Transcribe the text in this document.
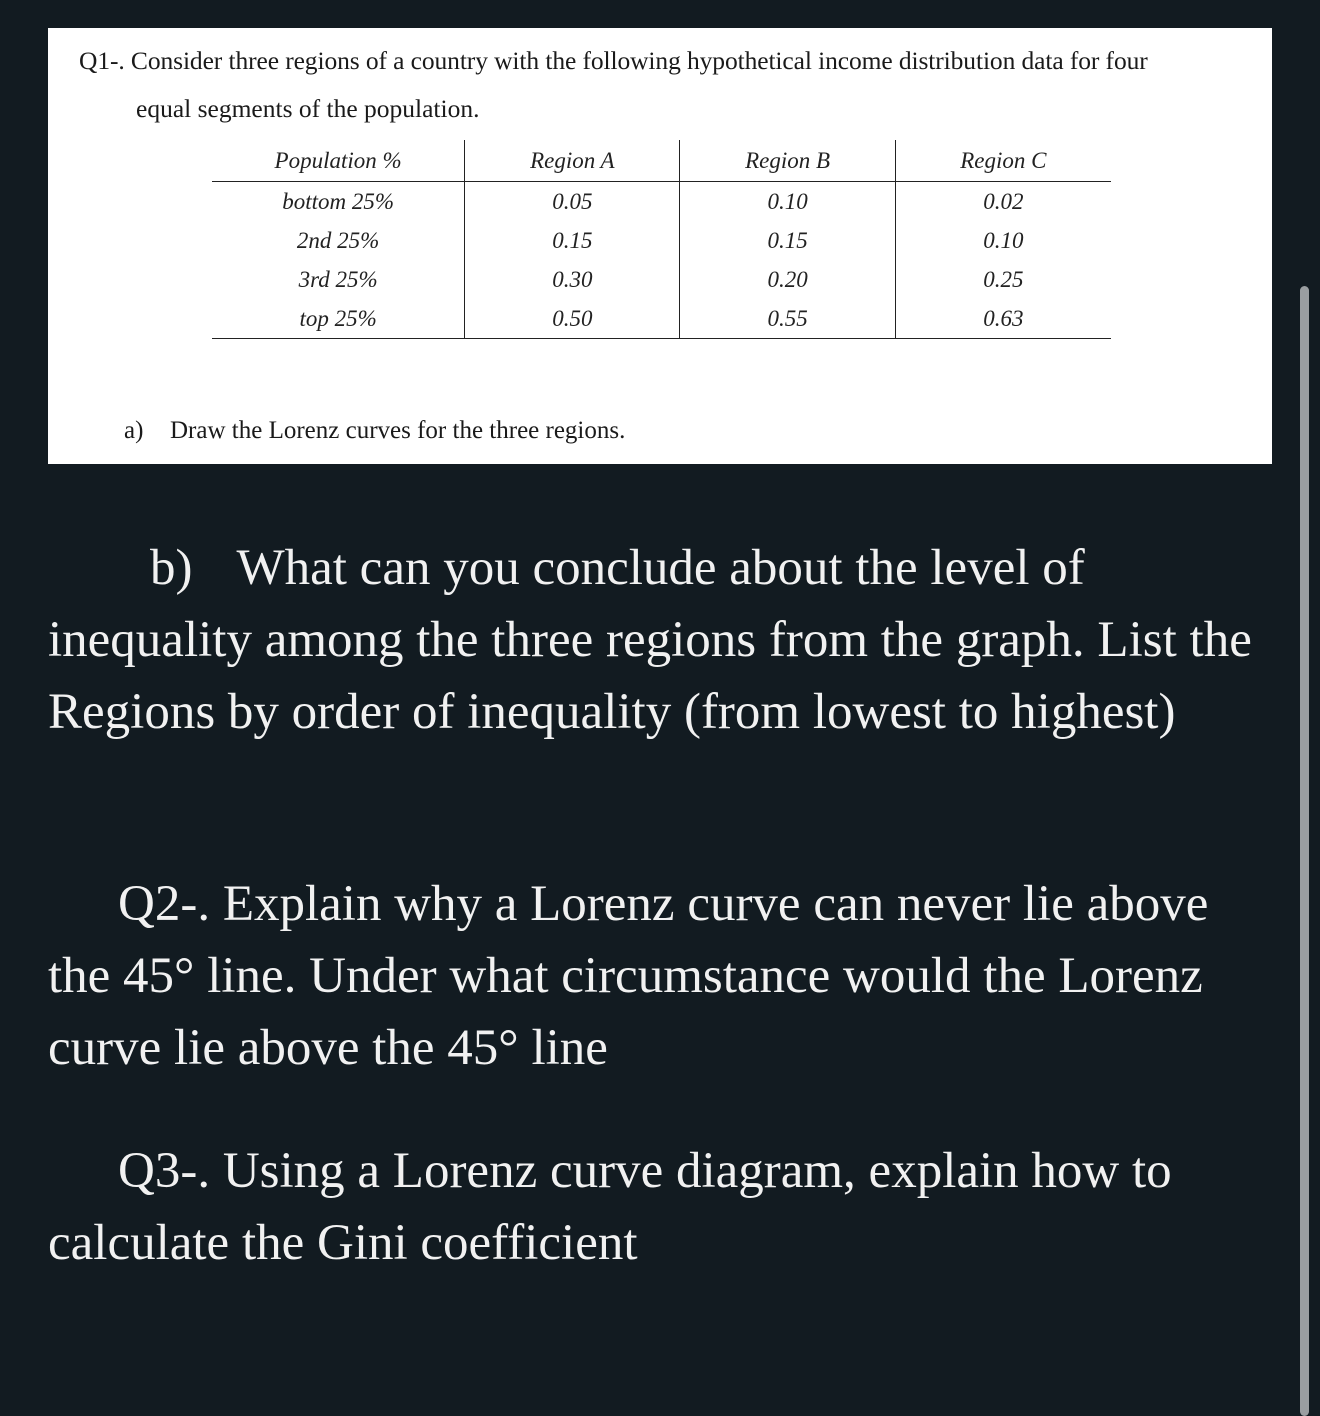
Q1-. Consider three regions of a country with the following hypothetical income distribution data for four
equal segments of the population.
Population %	Region A	Region B	Region C
bottom 25%	0.05	0.10	0.02
2nd 25%	0.15	0.15	0.10
3rd 25%	0.30	0.20	0.25
top 25%	0.50	0.55	0.63
a) Draw the Lorenz curves for the three regions.

b) What can you conclude about the level of inequality among the three regions from the graph. List the Regions by order of inequality (from lowest to highest)

Q2-. Explain why a Lorenz curve can never lie above the 45° line. Under what circumstance would the Lorenz curve lie above the 45° line

Q3-. Using a Lorenz curve diagram, explain how to calculate the Gini coefficient
